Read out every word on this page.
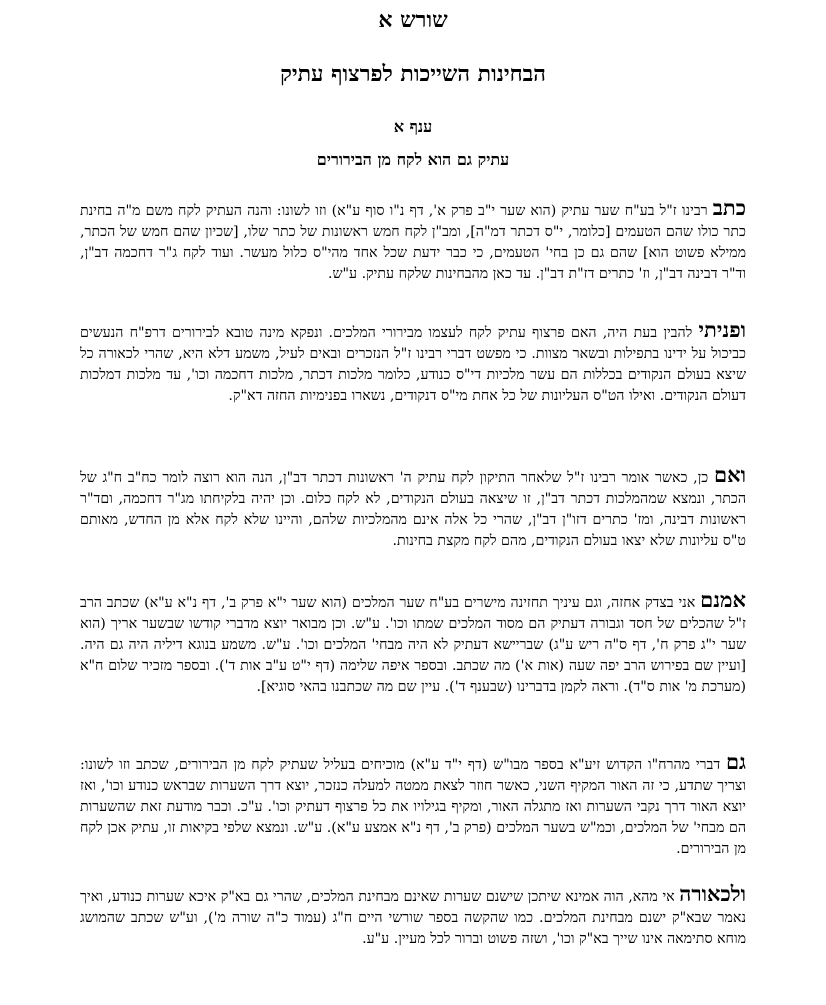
שורש א
הבחינות השייכות לפרצוף עתיק
ענף א
עתיק גם הוא לקח מן הבירורים

כתב רבינו ז"ל בע"ח שער עתיק (הוא שער י"ב פרק א', דף נ"ו סוף ע"א) וזו לשונו: והנה העתיק לקח משם מ"ה בחינת כתר כולו שהם הטעמים [כלומר, י"ס דכתר דמ"ה], ומב"ן לקח חמש ראשונות של כתר שלו, [שכיון שהם חמש של הכתר, ממילא פשוט הוא] שהם גם כן בחי' הטעמים, כי כבר ידעת שכל אחד מהי"ס כלול מעשר. ועוד לקח ג"ר דחכמה דב"ן, וד"ר דבינה דב"ן, וז' כתרים דז"ת דב"ן. עד כאן מהבחינות שלקח עתיק. ע"ש.

ופניתי להבין בעת היה, האם פרצוף עתיק לקח לעצמו מבירורי המלכים. ונפקא מינה טובא לבירורים דרפ"ח הנעשים כביכול על ידינו בתפילות ובשאר מצוות. כי מפשט דברי רבינו ז"ל הנזכרים ובאים לעיל, משמע דלא היא, שהרי לכאורה כל שיצא בעולם הנקודים בכללות הם עשר מלכיות די"ס כנודע, כלומר מלכות דכתר, מלכות דחכמה וכו', עד מלכות דמלכות דעולם הנקודים. ואילו הט"ס העליונות של כל אחת מי"ס דנקודים, נשארו בפנימיות החזה דא"ק.

ואם כן, כאשר אומר רבינו ז"ל שלאחר התיקון לקח עתיק ה' ראשונות דכתר דב"ן, הנה הוא רוצה לומר כח"ב ח"ג של הכתר, ונמצא שמהמלכות דכתר דב"ן, זו שיצאה בעולם הנקודים, לא לקח כלום. וכן יהיה בלקיחתו מג"ר דחכמה, וםד"ר ראשונות דבינה, ומז' כתרים דזו"ן דב"ן, שהרי כל אלה אינם מהמלכיות שלהם, והיינו שלא לקח אלא מן החדש, מאותם ט"ס עליונות שלא יצאו בעולם הנקודים, מהם לקח מקצת בחינות.

אמנם אני בצדק אחזה, וגם עיניך תחזינה מישרים בע"ח שער המלכים (הוא שער י"א פרק ב', דף נ"א ע"א) שכתב הרב ז"ל שהכלים של חסד וגבורה דעתיק הם מסוד המלכים שמתו וכו'. ע"ש. וכן מבואר יוצא מדברי קודשו שבשער אריך (הוא שער י"ג פרק ח', דף ס"ה ריש ע"ג) שבריישא דעתיק לא היה מבחי' המלכים וכו'. ע"ש. משמע בנוגא דיליה היה גם היה. [ועיין שם בפירוש הרב יפה שעה (אות א') מה שכתב. ובספר איפה שלימה (דף י"ט ע"ב אות ד'). ובספר מזכיר שלום ח"א (מערכת מ' אות ס"ד). וראה לקמן בדברינו (שבענף ד'). עיין שם מה שכתבנו בהאי סוגיא].

גם דברי מהרח"ו הקדוש זיע"א בספר מבו"ש (דף י"ד ע"א) מוכיחים בעליל שעתיק לקח מן הבירורים, שכתב וזו לשונו: וצריך שתדע, כי זה האור המקיף השני, כאשר חוזר לצאת ממטה למעלה כנזכר, יוצא דרך השערות שבראש כנודע וכו', ואז יוצא האור דרך נקבי השערות ואז מתגלה האור, ומקיף בגילויו את כל פרצוף דעתיק וכו'. ע"כ. וכבר מודעת זאת שהשערות הם מבחי' של המלכים, וכמ"ש בשער המלכים (פרק ב', דף נ"א אמצע ע"א). ע"ש. ונמצא שלפי בקיאות זו, עתיק אכן לקח מן הבירורים.

ולכאורה אי מהא, הוה אמינא שיתכן שישנם שערות שאינם מבחינת המלכים, שהרי גם בא"ק איכא שערות כנודע, ואיך נאמר שבא"ק ישנם מבחינת המלכים. כמו שהקשה בספר שורשי היים ח"ג (עמוד כ"ה שורה מ'), וע"ש שכתב שהמושג מוחא סתימאה אינו שייך בא"ק וכו', ושזה פשוט וברור לכל מעיין. ע"ע.
